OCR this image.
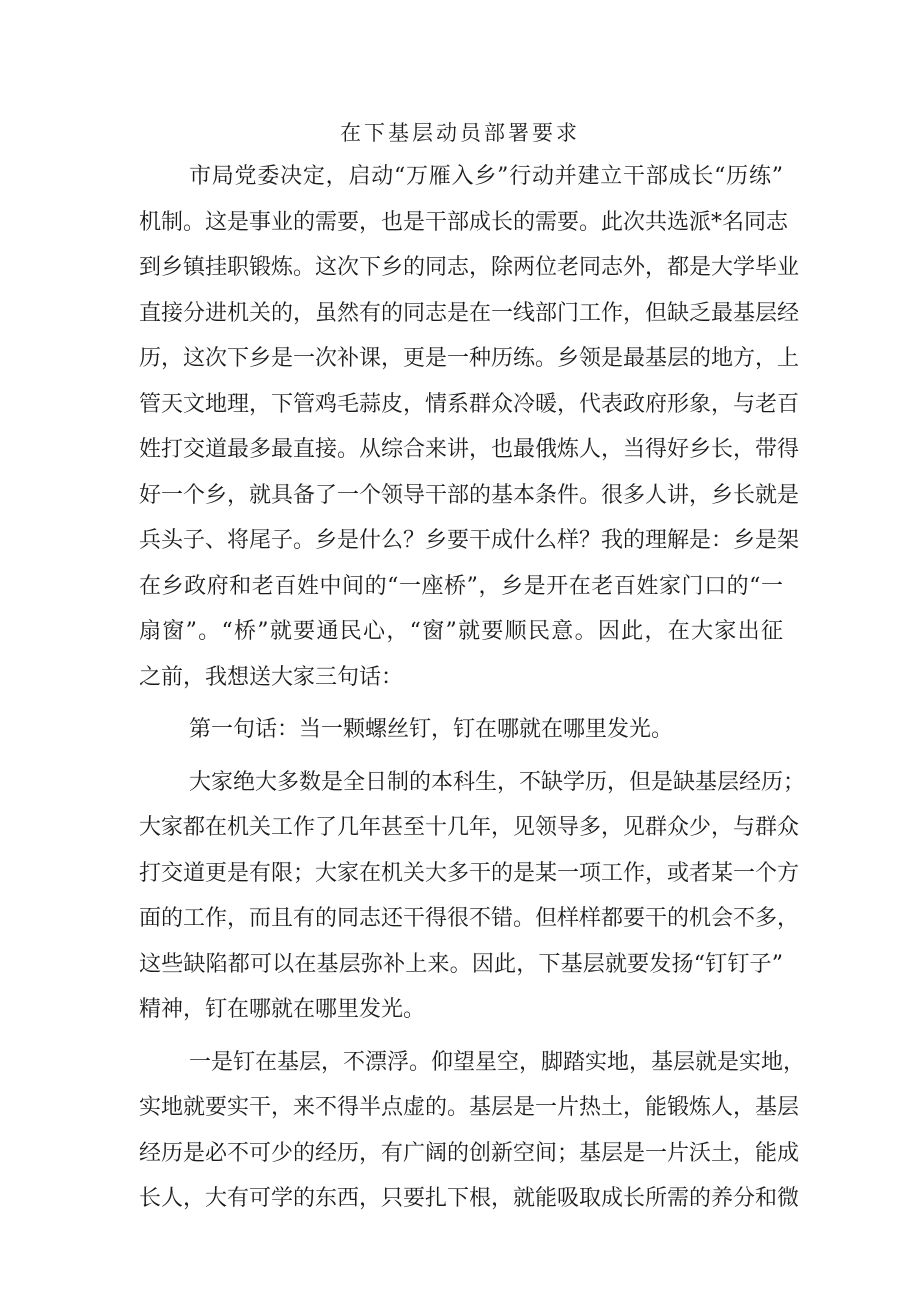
在下基层动员部署要求
市局党委决定，启动“万雁入乡”行动并建立干部成长“历练”
机制。这是事业的需要，也是干部成长的需要。此次共选派*名同志
到乡镇挂职锻炼。这次下乡的同志，除两位老同志外，都是大学毕业
直接分进机关的，虽然有的同志是在一线部门工作，但缺乏最基层经
历，这次下乡是一次补课，更是一种历练。乡领是最基层的地方，上
管天文地理，下管鸡毛蒜皮，情系群众冷暖，代表政府形象，与老百
姓打交道最多最直接。从综合来讲，也最俄炼人，当得好乡长，带得
好一个乡，就具备了一个领导干部的基本条件。很多人讲，乡长就是
兵头子、将尾子。乡是什么？乡要干成什么样？我的理解是：乡是架
在乡政府和老百姓中间的“一座桥”，乡是开在老百姓家门口的“一
扇窗”。“桥”就要通民心，“窗”就要顺民意。因此，在大家出征
之前，我想送大家三句话：
第一句话：当一颗螺丝钉，钉在哪就在哪里发光。
大家绝大多数是全日制的本科生，不缺学历，但是缺基层经历；
大家都在机关工作了几年甚至十几年，见领导多，见群众少，与群众
打交道更是有限；大家在机关大多干的是某一项工作，或者某一个方
面的工作，而且有的同志还干得很不错。但样样都要干的机会不多，
这些缺陷都可以在基层弥补上来。因此，下基层就要发扬“钉钉子”
精神，钉在哪就在哪里发光。
一是钉在基层，不漂浮。仰望星空，脚踏实地，基层就是实地，
实地就要实干，来不得半点虚的。基层是一片热土，能锻炼人，基层
经历是必不可少的经历，有广阔的创新空间；基层是一片沃土，能成
长人，大有可学的东西，只要扎下根，就能吸取成长所需的养分和微
